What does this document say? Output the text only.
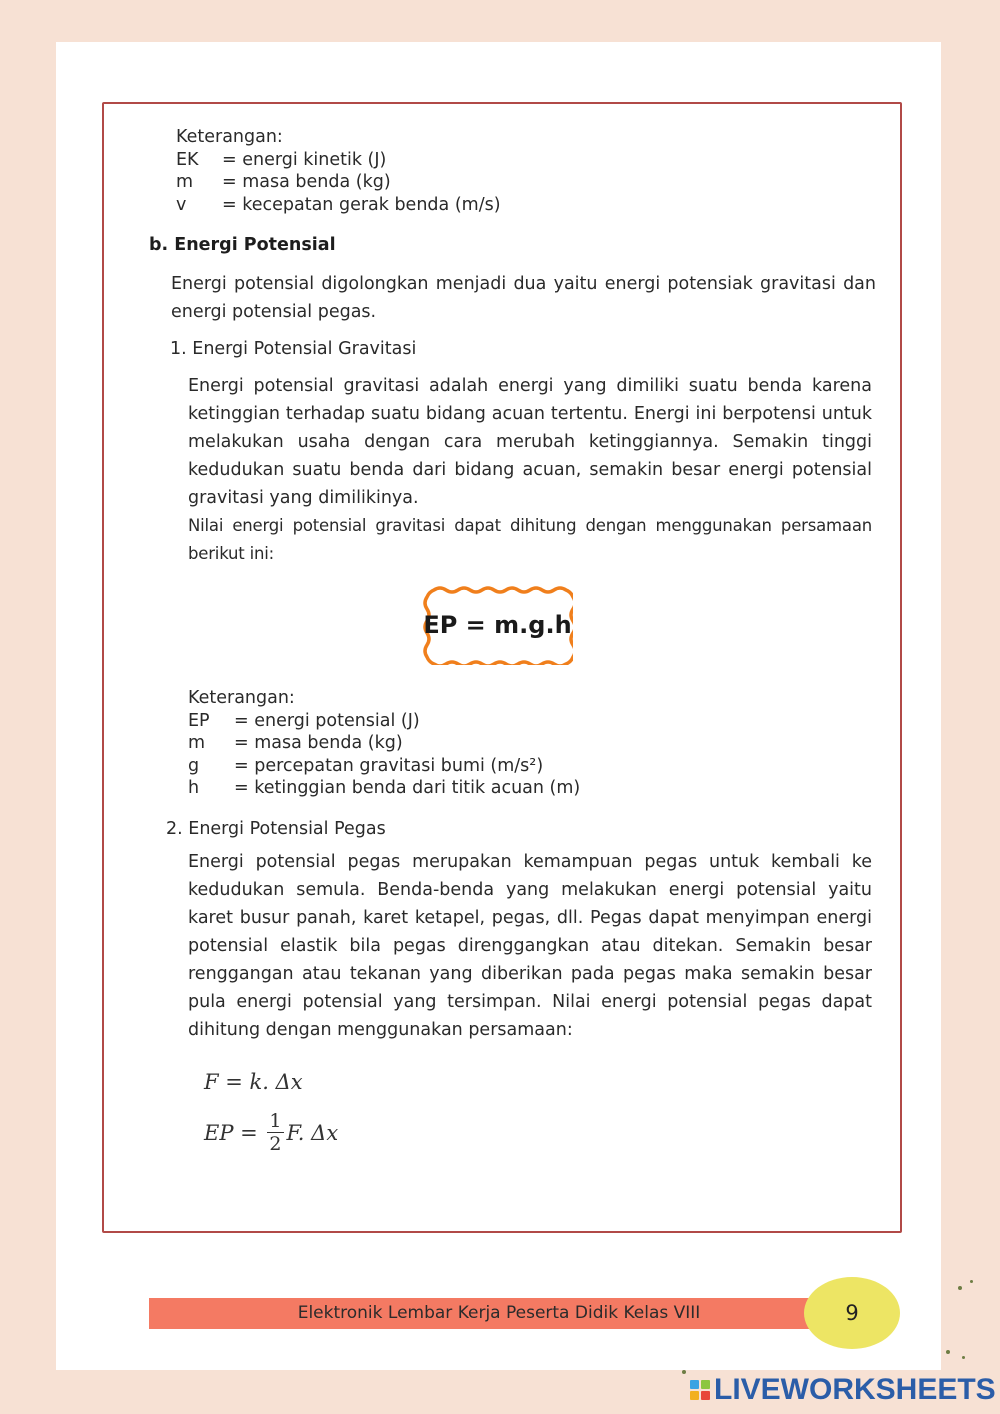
Keterangan:
EK = energi kinetik (J)
m = masa benda (kg)
v = kecepatan gerak benda (m/s)
b. Energi Potensial
Energi potensial digolongkan menjadi dua yaitu energi potensiak gravitasi dan energi potensial pegas.
1. Energi Potensial Gravitasi
Energi potensial gravitasi adalah energi yang dimiliki suatu benda karena ketinggian terhadap suatu bidang acuan tertentu. Energi ini berpotensi untuk melakukan usaha dengan cara merubah ketinggiannya. Semakin tinggi kedudukan suatu benda dari bidang acuan, semakin besar energi potensial gravitasi yang dimilikinya.
Nilai energi potensial gravitasi dapat dihitung dengan menggunakan persamaan berikut ini:
EP = m.g.h
Keterangan:
EP = energi potensial (J)
m = masa benda (kg)
g = percepatan gravitasi bumi (m/s²)
h = ketinggian benda dari titik acuan (m)
2. Energi Potensial Pegas
Energi potensial pegas merupakan kemampuan pegas untuk kembali ke kedudukan semula. Benda-benda yang melakukan energi potensial yaitu karet busur panah, karet ketapel, pegas, dll. Pegas dapat menyimpan energi potensial elastik bila pegas direnggangkan atau ditekan. Semakin besar renggangan atau tekanan yang diberikan pada pegas maka semakin besar pula energi potensial yang tersimpan. Nilai energi potensial pegas dapat dihitung dengan menggunakan persamaan:
F = k. Δx
EP = $\frac{1}{2} F$. Δx
Elektronik Lembar Kerja Peserta Didik Kelas VIII	9
LIVEWORKSHEETS
